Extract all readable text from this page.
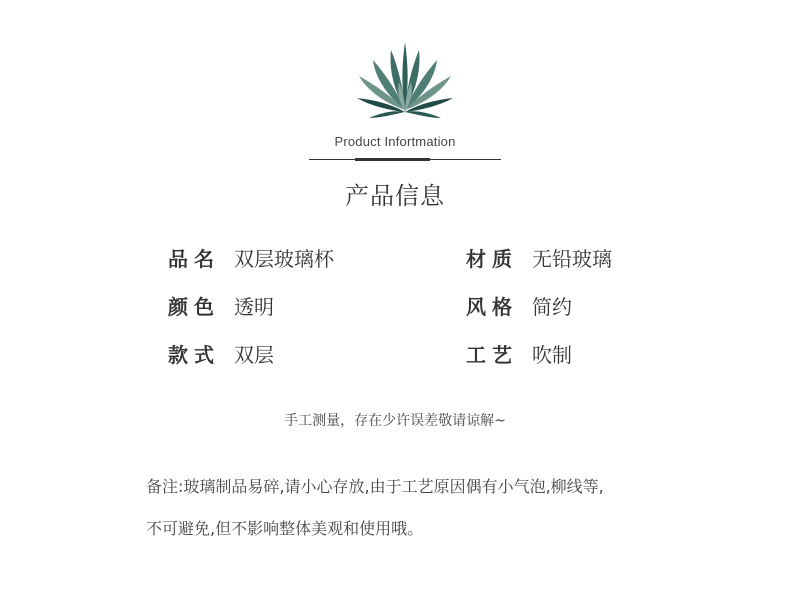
Product Infortmation
产品信息
品名 双层玻璃杯	材质 无铅玻璃
颜色 透明	风格 简约
款式 双层	工艺 吹制
手工测量，存在少许误差敬请谅解~
备注:玻璃制品易碎,请小心存放,由于工艺原因偶有小气泡,柳线等,
不可避免,但不影响整体美观和使用哦。
